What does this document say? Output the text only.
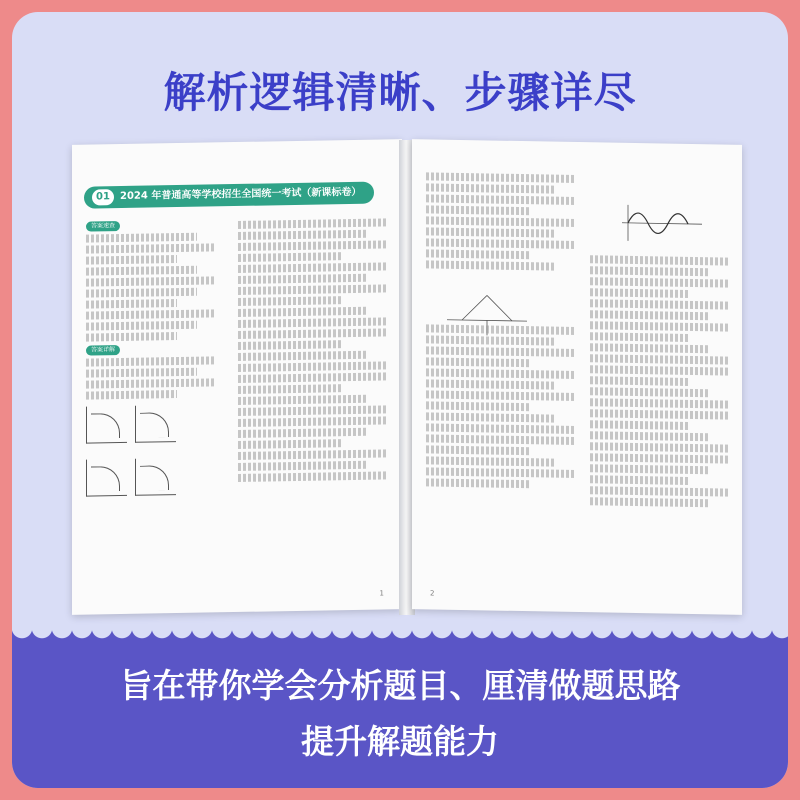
解析逻辑清晰、步骤详尽
01 2024 年普通高等学校招生全国统一考试（新课标卷）
答案速查
答案详解

1	2
旨在带你学会分析题目、厘清做题思路
提升解题能力
